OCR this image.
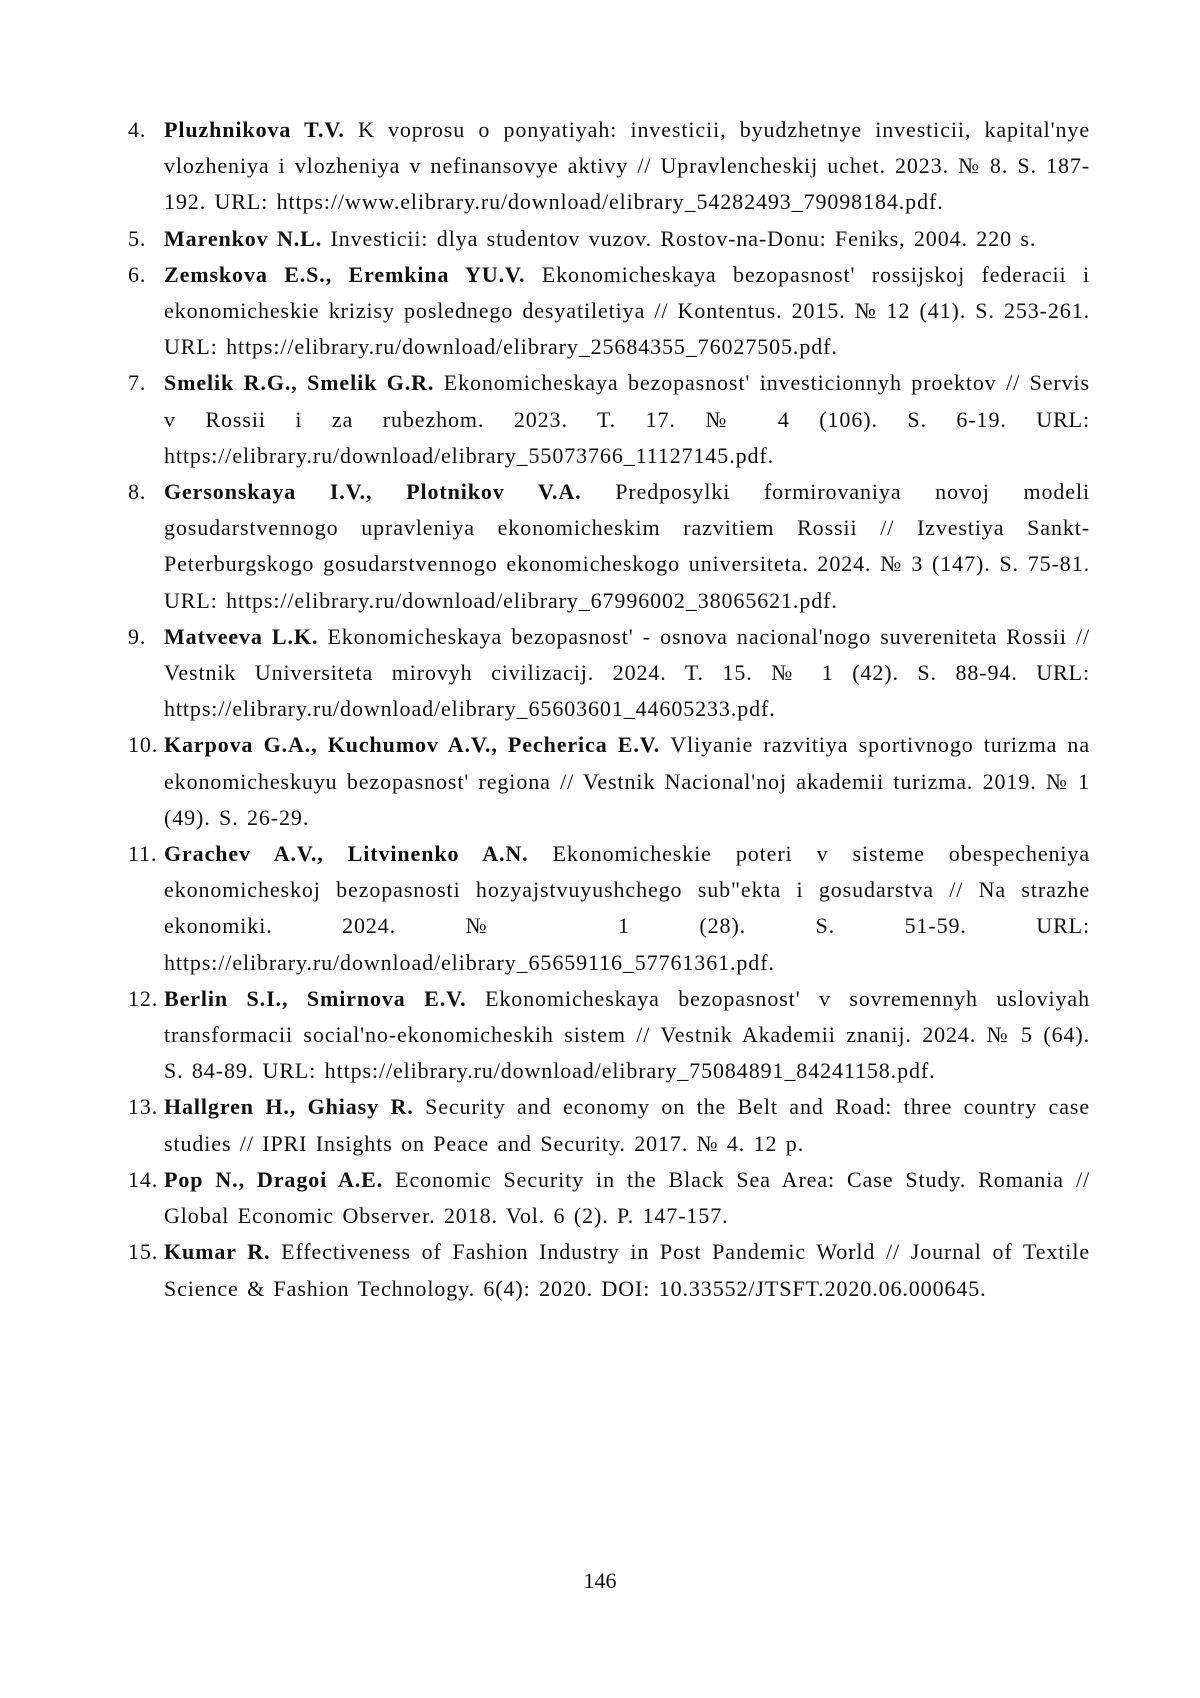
4. Pluzhnikova T.V. K voprosu o ponyatiyah: investicii, byudzhetnye investicii, kapital'nye vlozheniya i vlozheniya v nefinansovye aktivy // Upravlencheskij uchet. 2023. № 8. S. 187-192. URL: https://www.elibrary.ru/download/elibrary_54282493_79098184.pdf.
5. Marenkov N.L. Investicii: dlya studentov vuzov. Rostov-na-Donu: Feniks, 2004. 220 s.
6. Zemskova E.S., Eremkina YU.V. Ekonomicheskaya bezopasnost' rossijskoj federacii i ekonomicheskie krizisy poslednego desyatiletiya // Kontentus. 2015. № 12 (41). S. 253-261. URL: https://elibrary.ru/download/elibrary_25684355_76027505.pdf.
7. Smelik R.G., Smelik G.R. Ekonomicheskaya bezopasnost' investicionnyh proektov // Servis v Rossii i za rubezhom. 2023. T. 17. № 4 (106). S. 6-19. URL: https://elibrary.ru/download/elibrary_55073766_11127145.pdf.
8. Gersonskaya I.V., Plotnikov V.A. Predposylki formirovaniya novoj modeli gosudarstvennogo upravleniya ekonomicheskim razvitiem Rossii // Izvestiya Sankt-Peterburgskogo gosudarstvennogo ekonomicheskogo universiteta. 2024. № 3 (147). S. 75-81. URL: https://elibrary.ru/download/elibrary_67996002_38065621.pdf.
9. Matveeva L.K. Ekonomicheskaya bezopasnost' - osnova nacional'nogo suvereniteta Rossii // Vestnik Universiteta mirovyh civilizacij. 2024. T. 15. № 1 (42). S. 88-94. URL: https://elibrary.ru/download/elibrary_65603601_44605233.pdf.
10. Karpova G.A., Kuchumov A.V., Pecherica E.V. Vliyanie razvitiya sportivnogo turizma na ekonomicheskuyu bezopasnost' regiona // Vestnik Nacional'noj akademii turizma. 2019. № 1 (49). S. 26-29.
11. Grachev A.V., Litvinenko A.N. Ekonomicheskie poteri v sisteme obespecheniya ekonomicheskoj bezopasnosti hozyajstvuyushchego sub"ekta i gosudarstva // Na strazhe ekonomiki. 2024. № 1 (28). S. 51-59. URL: https://elibrary.ru/download/elibrary_65659116_57761361.pdf.
12. Berlin S.I., Smirnova E.V. Ekonomicheskaya bezopasnost' v sovremennyh usloviyah transformacii social'no-ekonomicheskih sistem // Vestnik Akademii znanij. 2024. № 5 (64). S. 84-89. URL: https://elibrary.ru/download/elibrary_75084891_84241158.pdf.
13. Hallgren H., Ghiasy R. Security and economy on the Belt and Road: three country case studies // IPRI Insights on Peace and Security. 2017. № 4. 12 p.
14. Pop N., Dragoi A.E. Economic Security in the Black Sea Area: Case Study. Romania // Global Economic Observer. 2018. Vol. 6 (2). P. 147-157.
15. Kumar R. Effectiveness of Fashion Industry in Post Pandemic World // Journal of Textile Science & Fashion Technology. 6(4): 2020. DOI: 10.33552/JTSFT.2020.06.000645.
146
